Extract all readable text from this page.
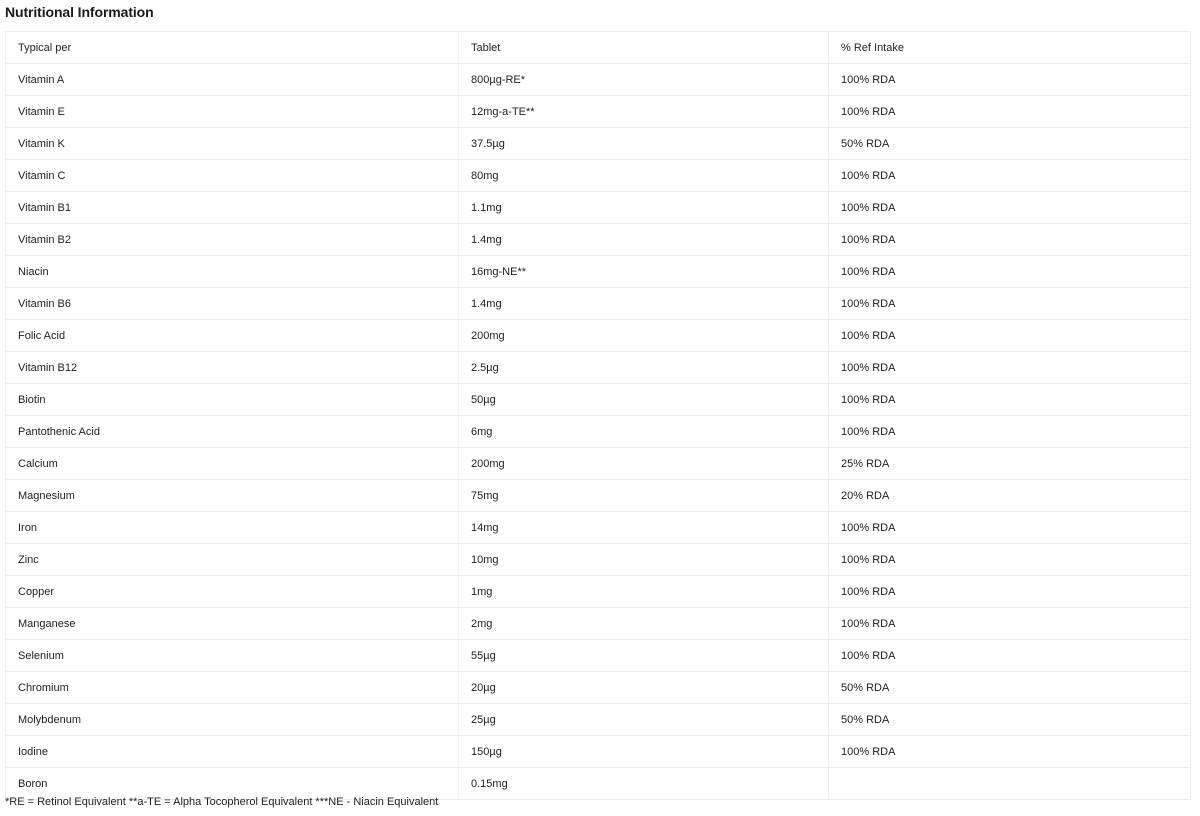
Nutritional Information
Typical per	Tablet	% Ref Intake
Vitamin A	800µg-RE*	100% RDA
Vitamin E	12mg-a-TE**	100% RDA
Vitamin K	37.5µg	50% RDA
Vitamin C	80mg	100% RDA
Vitamin B1	1.1mg	100% RDA
Vitamin B2	1.4mg	100% RDA
Niacin	16mg-NE**	100% RDA
Vitamin B6	1.4mg	100% RDA
Folic Acid	200mg	100% RDA
Vitamin B12	2.5µg	100% RDA
Biotin	50µg	100% RDA
Pantothenic Acid	6mg	100% RDA
Calcium	200mg	25% RDA
Magnesium	75mg	20% RDA
Iron	14mg	100% RDA
Zinc	10mg	100% RDA
Copper	1mg	100% RDA
Manganese	2mg	100% RDA
Selenium	55µg	100% RDA
Chromium	20µg	50% RDA
Molybdenum	25µg	50% RDA
Iodine	150µg	100% RDA
Boron	0.15mg	
*RE = Retinol Equivalent **a-TE = Alpha Tocopherol Equivalent ***NE - Niacin Equivalent
